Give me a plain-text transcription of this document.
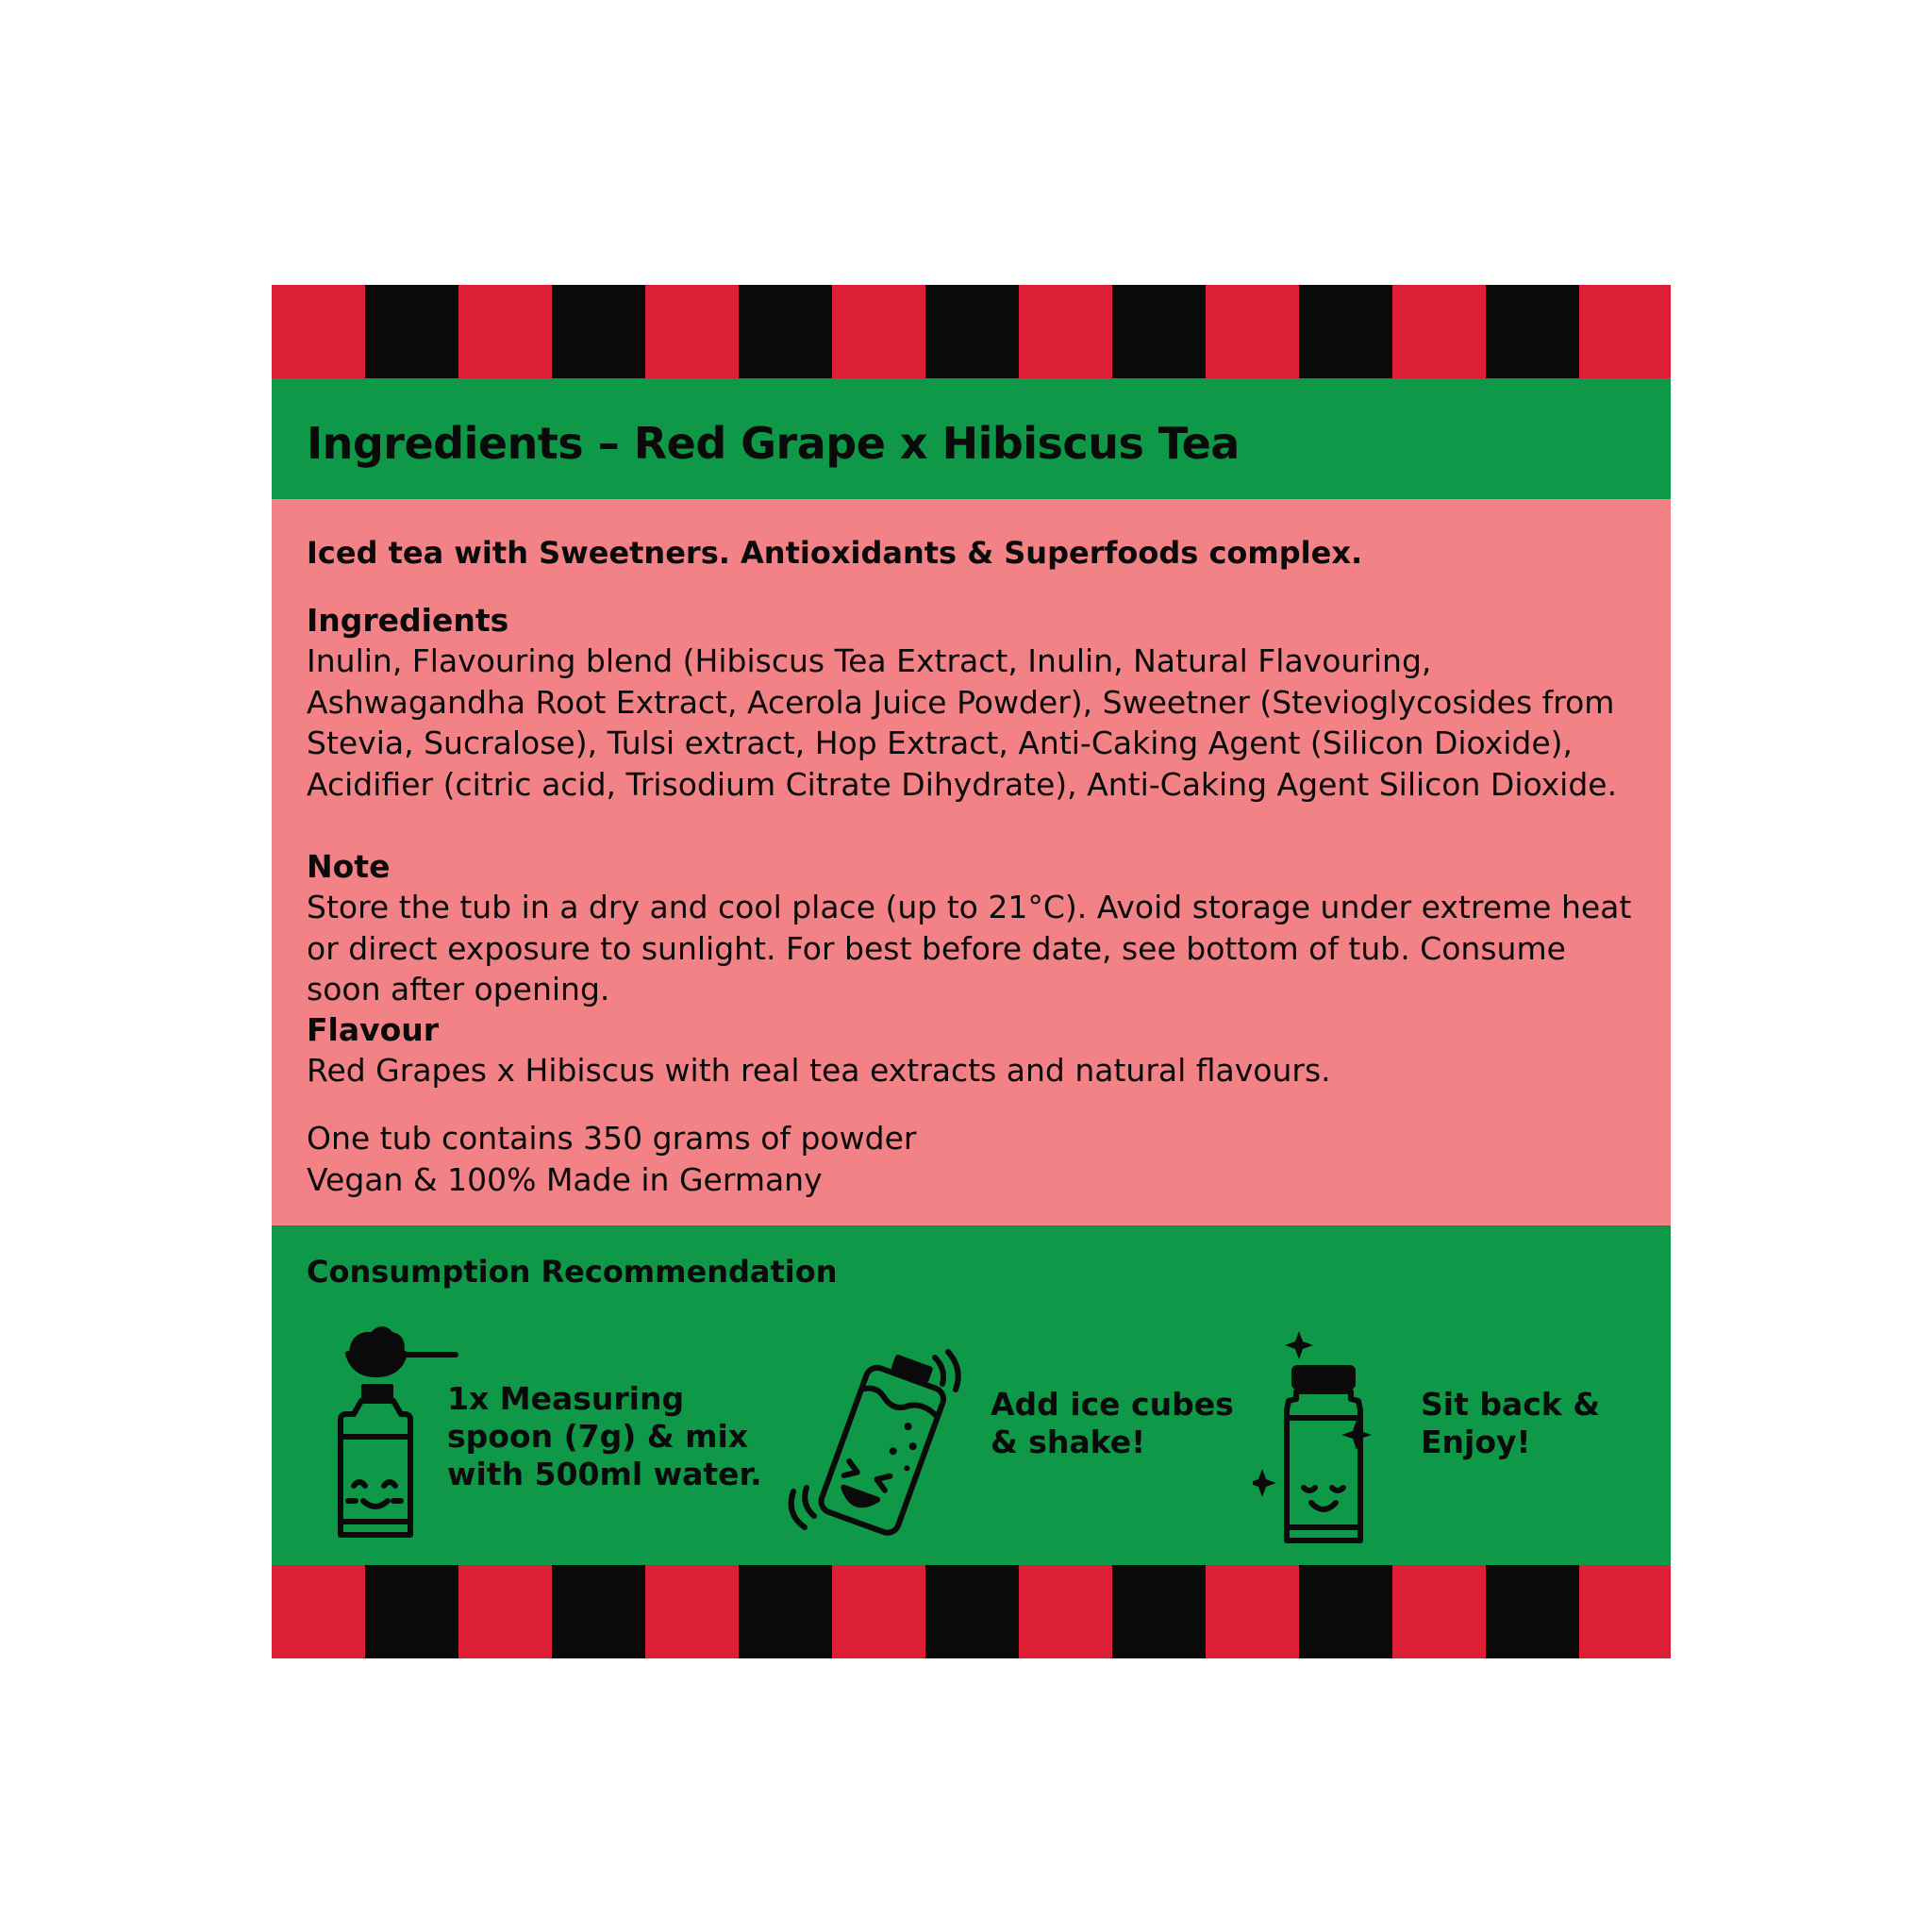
Ingredients – Red Grape x Hibiscus Tea

Iced tea with Sweetners. Antioxidants & Superfoods complex.

Ingredients

Inulin, Flavouring blend (Hibiscus Tea Extract, Inulin, Natural Flavouring, Ashwagandha Root Extract, Acerola Juice Powder), Sweetner (Stevioglycosides from Stevia, Sucralose), Tulsi extract, Hop Extract, Anti-Caking Agent (Silicon Dioxide), Acidifier (citric acid, Trisodium Citrate Dihydrate), Anti-Caking Agent Silicon Dioxide.

Note

Store the tub in a dry and cool place (up to 21°C). Avoid storage under extreme heat or direct exposure to sunlight. For best before date, see bottom of tub. Consume soon after opening.

Flavour

Red Grapes x Hibiscus with real tea extracts and natural flavours.

One tub contains 350 grams of powder

Vegan & 100% Made in Germany

Consumption Recommendation

1x Measuring spoon (7g) & mix with 500ml water.

Add ice cubes & shake!

Sit back & Enjoy!
